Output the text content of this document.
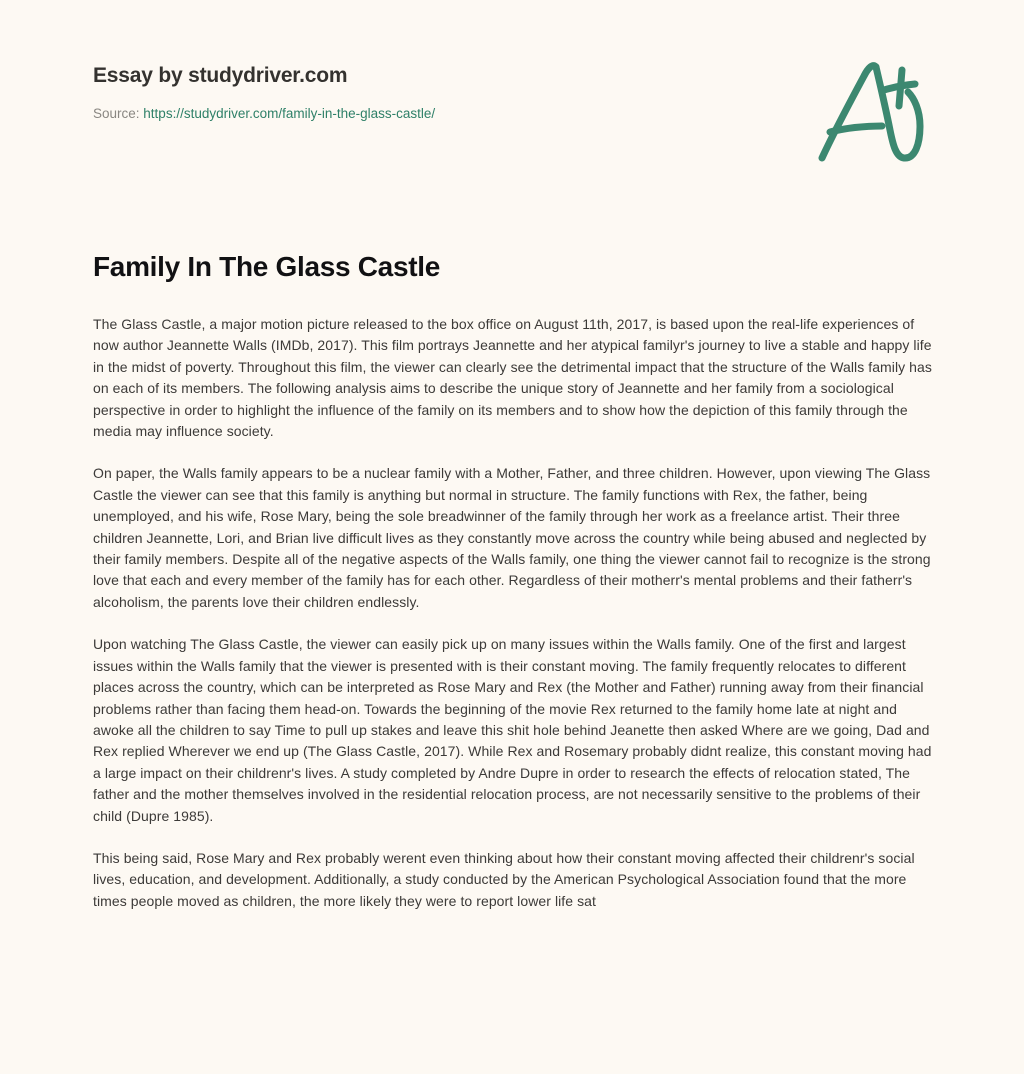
Essay by studydriver.com
Source: https://studydriver.com/family-in-the-glass-castle/
Family In The Glass Castle

The Glass Castle, a major motion picture released to the box office on August 11th, 2017, is based upon the real-life experiences of now author Jeannette Walls (IMDb, 2017). This film portrays Jeannette and her atypical familyr's journey to live a stable and happy life in the midst of poverty. Throughout this film, the viewer can clearly see the detrimental impact that the structure of the Walls family has on each of its members. The following analysis aims to describe the unique story of Jeannette and her family from a sociological perspective in order to highlight the influence of the family on its members and to show how the depiction of this family through the media may influence society.

On paper, the Walls family appears to be a nuclear family with a Mother, Father, and three children. However, upon viewing The Glass Castle the viewer can see that this family is anything but normal in structure. The family functions with Rex, the father, being unemployed, and his wife, Rose Mary, being the sole breadwinner of the family through her work as a freelance artist. Their three children Jeannette, Lori, and Brian live difficult lives as they constantly move across the country while being abused and neglected by their family members. Despite all of the negative aspects of the Walls family, one thing the viewer cannot fail to recognize is the strong love that each and every member of the family has for each other. Regardless of their motherr's mental problems and their fatherr's alcoholism, the parents love their children endlessly.

Upon watching The Glass Castle, the viewer can easily pick up on many issues within the Walls family. One of the first and largest issues within the Walls family that the viewer is presented with is their constant moving. The family frequently relocates to different places across the country, which can be interpreted as Rose Mary and Rex (the Mother and Father) running away from their financial problems rather than facing them head-on. Towards the beginning of the movie Rex returned to the family home late at night and awoke all the children to say Time to pull up stakes and leave this shit hole behind Jeanette then asked Where are we going, Dad and Rex replied Wherever we end up (The Glass Castle, 2017). While Rex and Rosemary probably didnt realize, this constant moving had a large impact on their childrenr's lives. A study completed by Andre Dupre in order to research the effects of relocation stated, The father and the mother themselves involved in the residential relocation process, are not necessarily sensitive to the problems of their child (Dupre 1985).

This being said, Rose Mary and Rex probably werent even thinking about how their constant moving affected their childrenr's social lives, education, and development. Additionally, a study conducted by the American Psychological Association found that the more times people moved as children, the more likely they were to report lower life sat
